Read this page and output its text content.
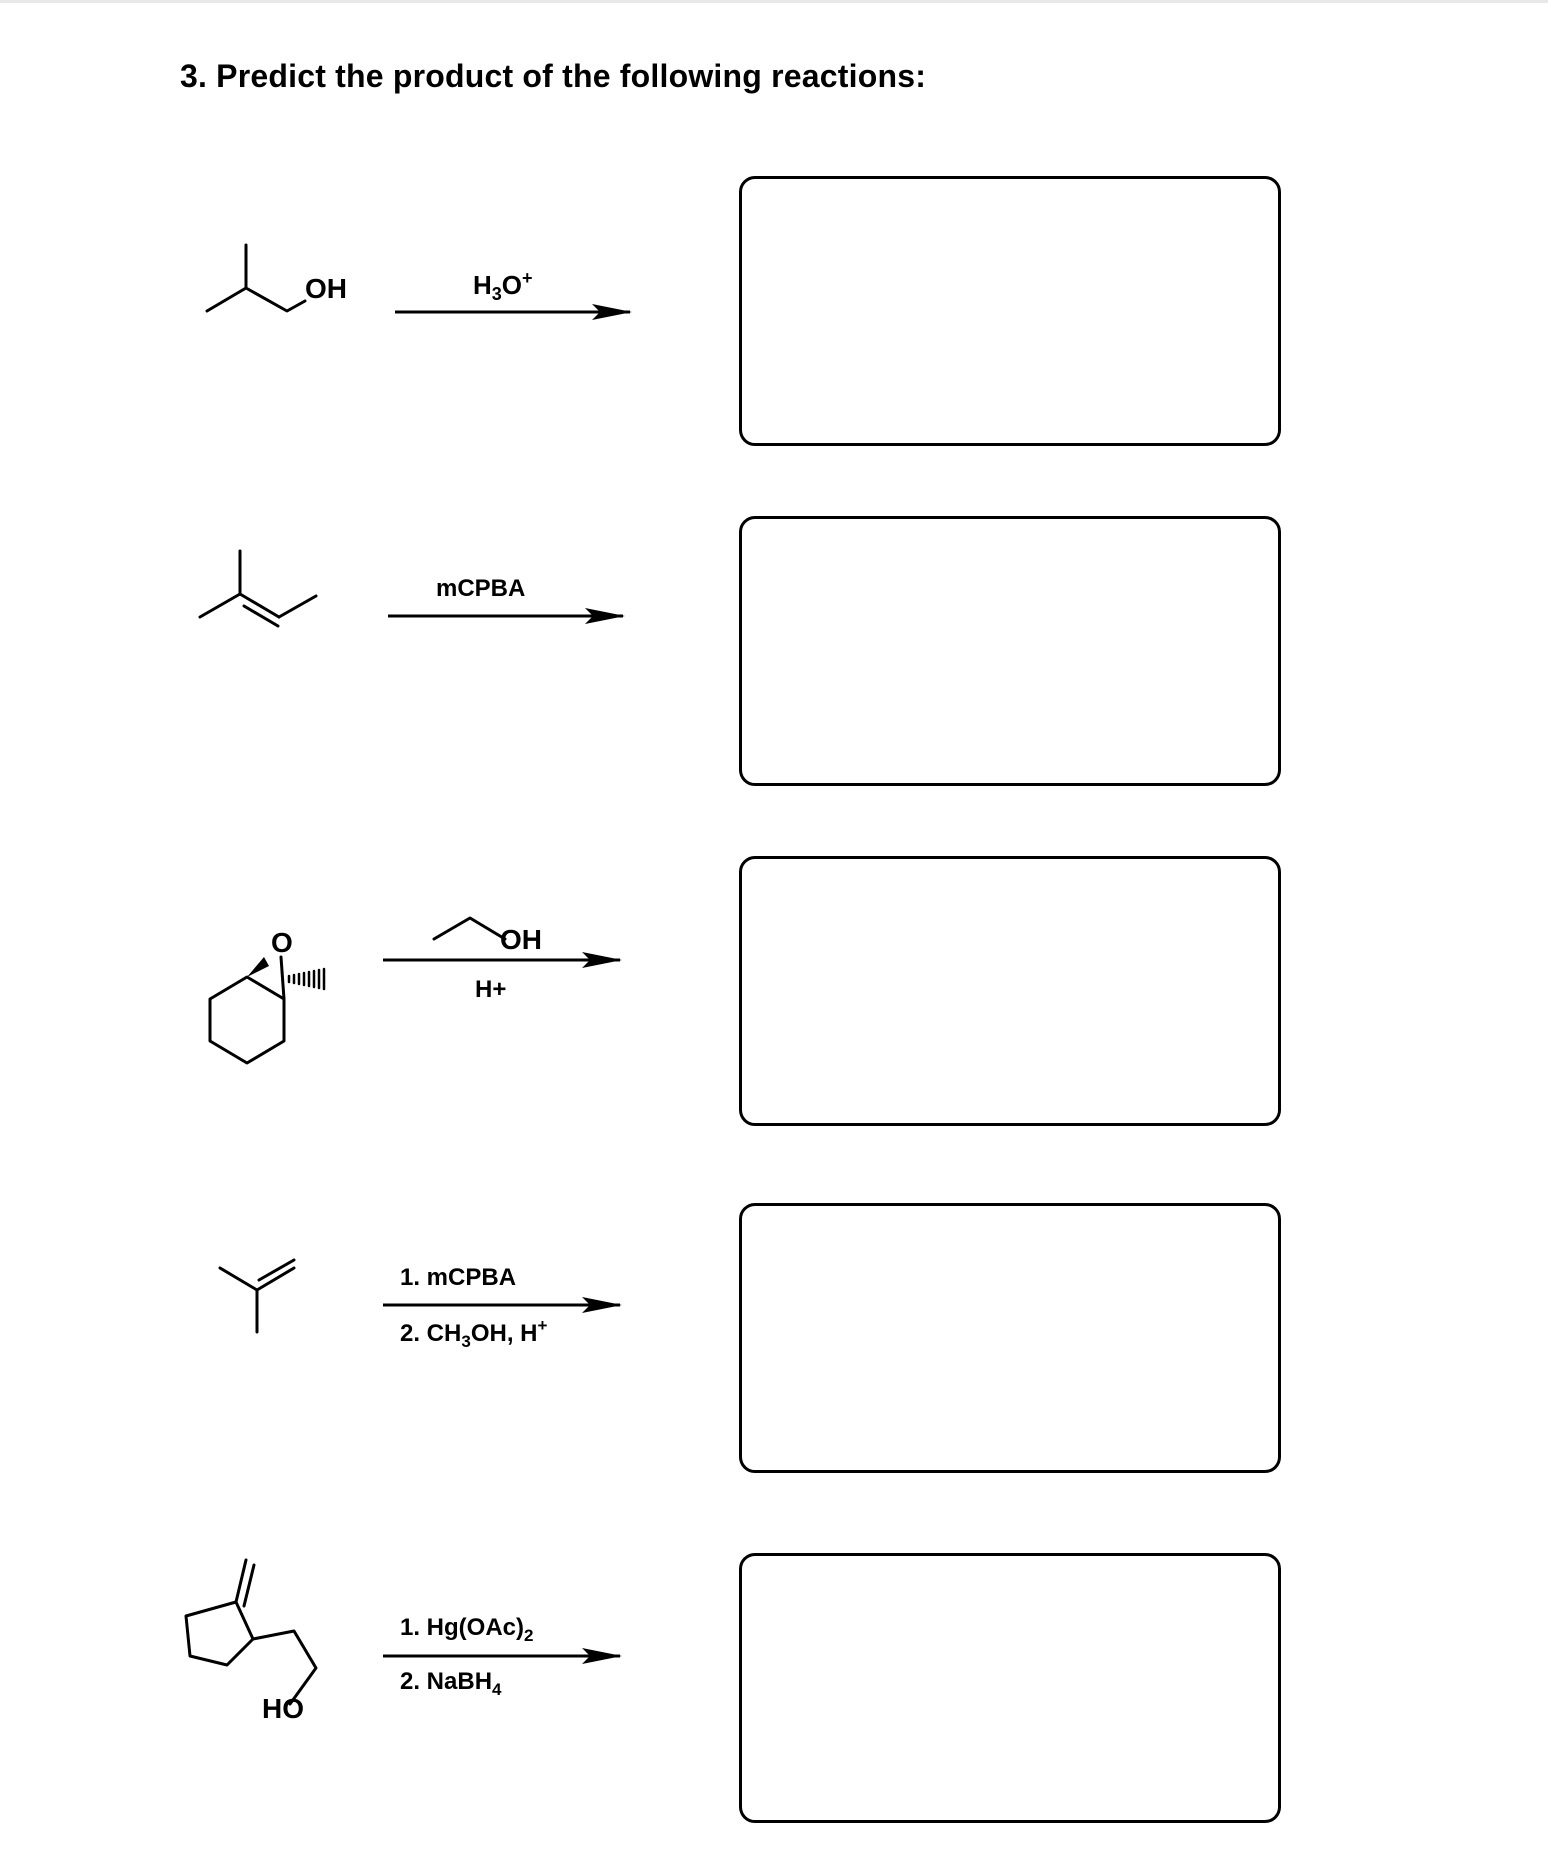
3. Predict the product of the following reactions:
OH	$H_3O^+$
mCPBA
O	OH
H+
1. mCPBA
2. $CH_3OH$, H+
HO
1. $Hg(OAc)_2$
2. NaBH$_4$
